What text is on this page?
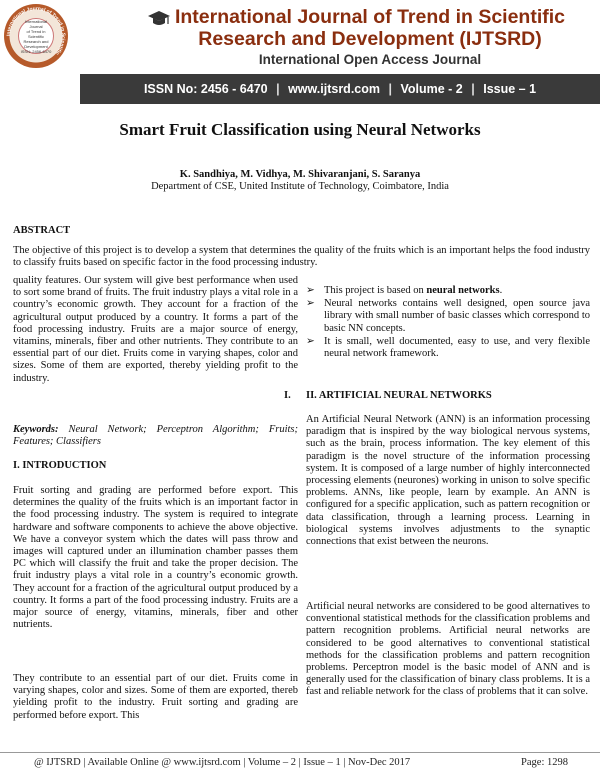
International Journal of Trend in Scientific
International Journal
of Trend in Scientific
Research and
Development
ISSN: 2456-6470
International Journal of Trend in Scientific
Research and Development (IJTSRD)
International Open Access Journal
ISSN No: 2456 - 6470 | www.ijtsrd.com | Volume - 2 | Issue – 1
Smart Fruit Classification using Neural Networks
K. Sandhiya, M. Vidhya, M. Shivaranjani, S. Saranya
Department of CSE, United Institute of Technology, Coimbatore, India
ABSTRACT
The objective of this project is to develop a system that determines the quality of the fruits which is an important helps the food industry to classify fruits based on specific factor in the food processing industry.
quality features. Our system will give best performance when used to sort some brand of fruits. The fruit industry plays a vital role in a country’s economic growth. They account for a fraction of the agricultural output produced by a country. It forms a part of the food processing industry. Fruits are a major source of energy, vitamins, minerals, fiber and other nutrients. They contribute to an essential part of our diet. Fruits come in varying shapes, color and sizes. Some of them are exported, thereby yielding profit to the industry.
Keywords: Neural Network; Perceptron Algorithm; Fruits; Features; Classifiers
➢ This project is based on neural networks.
➢ Neural networks contains well designed, open source java library with small number of basic classes which correspond to basic NN concepts.
➢ It is small, well documented, easy to use, and very flexible neural network framework.
I. INTRODUCTION
Fruit sorting and grading are performed before export. This determines the quality of the fruits which is an important factor in the food processing industry. The system is required to integrate hardware and software components to achieve the above objective. We have a conveyor system which the dates will pass throw and images will captured under an illumination chamber passes them PC which will classify the fruit and take the proper decision. The fruit industry plays a vital role in a country’s economic growth. They account for a fraction of the agricultural output produced by a country. It forms a part of the food processing industry. Fruits are a major source of energy, vitamins, minerals, fiber and other nutrients.
They contribute to an essential part of our diet. Fruits come in varying shapes, color and sizes. Some of them are exported, thereb yielding profit to the industry. Fruit sorting and grading are performed before export. This
I. II. ARTIFICIAL NEURAL NETWORKS
An Artificial Neural Network (ANN) is an information processing paradigm that is inspired by the way biological nervous systems, such as the brain, process information. The key element of this paradigm is the novel structure of the information processing system. It is composed of a large number of highly interconnected processing elements (neurones) working in unison to solve specific problems. ANNs, like people, learn by example. An ANN is configured for a specific application, such as pattern recognition or data classification, through a learning process. Learning in biological systems involves adjustments to the synaptic connections that exist between the neurons.
Artificial neural networks are considered to be good alternatives to conventional statistical methods for the classification problems and pattern recognition problems. Artificial neural networks are considered to be good alternatives to conventional statistical methods for the classification problems and pattern recognition problems. Perceptron model is the basic model of ANN and is generally used for the classification of binary class problems. It is a fast and reliable network for the class of problems that it can solve.
@ IJTSRD | Available Online @ www.ijtsrd.com | Volume – 2 | Issue – 1 | Nov-Dec 2017	Page: 1298
